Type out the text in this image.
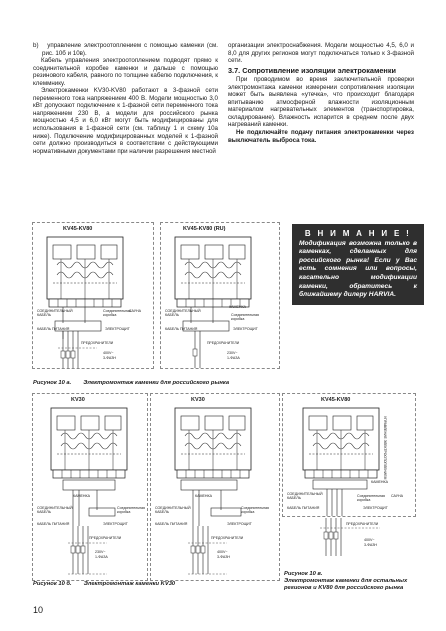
b)   управление электроотоплением с помощью каменки (см. рис. 10б и 10в).

Кабель управления электроотоплением подводят прямо к соединительной коробке каменки и дальше с помощью резинового кабеля, равного по толщине кабелю подключения, к клеммнику.

Электрокаменки KV30-KV80 работают в 3-фазной сети переменного тока напряжением 400 В. Модели мощностью 3,0 кВт допускают подключение к 1-фазной сети переменного тока напряжением 230 В, а модели для российского рынка мощностью 4,5 и 6,0 кВт могут быть модифицированы для использования в 1-фазной сети (см. таблицу 1 и схему 10а ниже). Подключение модифицированных моделей к 1-фазной сети должно производиться в соответствии с действующими нормативными документами при наличии разрешения местной

организации электроснабжения. Модели мощностью 4,5, 6,0 и 8,0 для других регионов могут подключаться только к 3-фазной сети.

3.7. Сопротивление изоляции электрокаменки

При проводимом во время заключительной проверки электромонтажа каменки измерении сопротивления изоляции может быть выявлена «утечка», что происходит благодаря впитыванию атмосферной влажности изоляционным материалом нагревательных элементов (транспортировка, складирование). Влажность испарится в среднем после двух нагреваний каменки.

Не подключайте подачу питания электрокаменки через выключатель выброса тока.

KV45-KV80
СОЕДИНИТЕЛЬНЫЙ КАБЕЛЬ
Соединительная коробка
САУНА
КАБЕЛЬ ПИТАНИЯ	ЭЛЕКТРОЩИТ
ПРЕДОХРАНИТЕЛИ
400V~
3-ФАЗН
KV45-KV80 (RU)
КАМЕНКА
СОЕДИНИТЕЛЬНЫЙ КАБЕЛЬ	Соединительная коробка
КАБЕЛЬ ПИТАНИЯ	ЭЛЕКТРОЩИТ
ПРЕДОХРАНИТЕЛИ
230V~
1-ФАЗА
В Н И М А Н И Е !
Модификация возможна только в каменках, сделанных для российского рынка! Если у Вас есть сомнения или вопросы, касательно модификации каменки, обратитесь к ближайшему дилеру HARVIA.
Рисунок 10 а. Электромонтаж каменки для российского рынка
KV30
КАМЕНКА
СОЕДИНИТЕЛЬНЫЙ КАБЕЛЬ
Соединительная коробка
КАБЕЛЬ ПИТАНИЯ	ЭЛЕКТРОЩИТ
ПРЕДОХРАНИТЕЛИ
230V~
1-ФАЗА
KV30
КАМЕНКА
СОЕДИНИТЕЛЬНЫЙ КАБЕЛЬ
Соединительная коробка
КАБЕЛЬ ПИТАНИЯ	ЭЛЕКТРОЩИТ
ПРЕДОХРАНИТЕЛИ
400V~
3-ФАЗН
KV45-KV80
УПРАВЛЕНИЕ ЭЛЕКТРООТОПЛЕНИЕМ
КАМЕНКА
СОЕДИНИТЕЛЬНЫЙ КАБЕЛЬ	Соединительная коробка
САУНА
КАБЕЛЬ ПИТАНИЯ	ЭЛЕКТРОЩИТ
ПРЕДОХРАНИТЕЛИ
400V~
3-ФАЗН
Рисунок 10 б. Электромонтаж каменки KV30
Рисунок 10 в.
Электромонтаж каменки для остальных регионов и KV80 для российского рынка
10
